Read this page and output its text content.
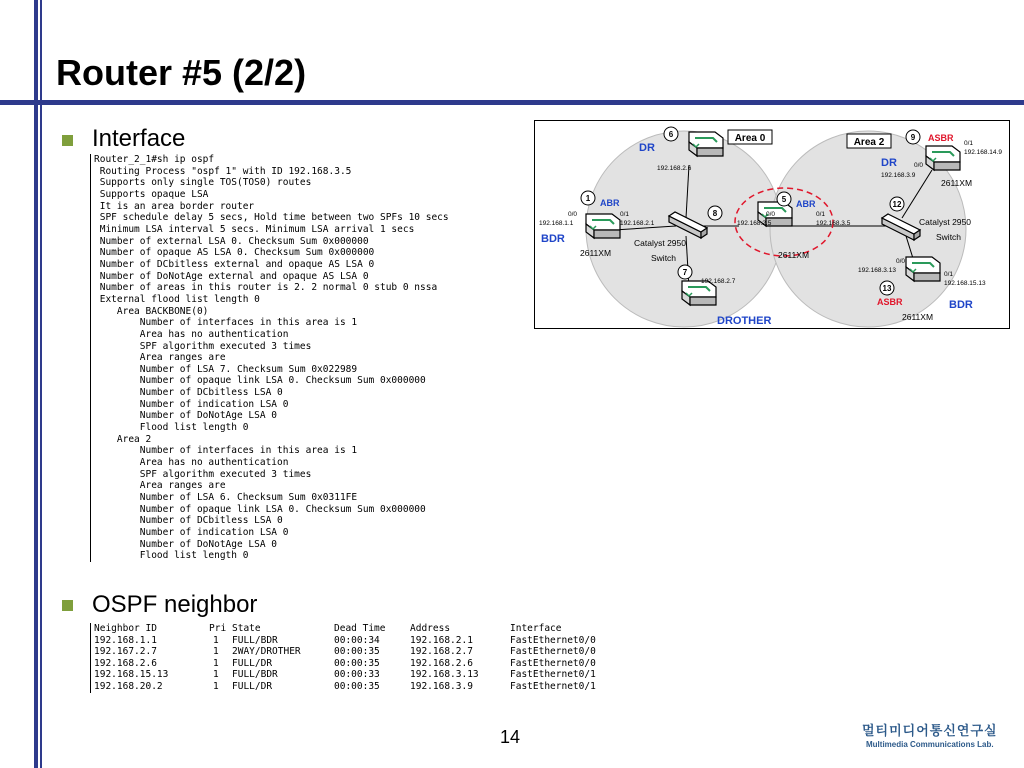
Router #5 (2/2)
Interface
Router_2_1#sh ip ospf
Routing Process "ospf 1" with ID 192.168.3.5
Supports only single TOS(TOS0) routes
Supports opaque LSA
It is an area border router
SPF schedule delay 5 secs, Hold time between two SPFs 10 secs
Minimum LSA interval 5 secs. Minimum LSA arrival 1 secs
Number of external LSA 0. Checksum Sum 0x000000
Number of opaque AS LSA 0. Checksum Sum 0x000000
Number of DCbitless external and opaque AS LSA 0
Number of DoNotAge external and opaque AS LSA 0
Number of areas in this router is 2. 2 normal 0 stub 0 nssa
External flood list length 0
Area BACKBONE(0)
Number of interfaces in this area is 1
Area has no authentication
SPF algorithm executed 3 times
Area ranges are
Number of LSA 7. Checksum Sum 0x022989
Number of opaque link LSA 0. Checksum Sum 0x000000
Number of DCbitless LSA 0
Number of indication LSA 0
Number of DoNotAge LSA 0
Flood list length 0
Area 2
Number of interfaces in this area is 1
Area has no authentication
SPF algorithm executed 3 times
Area ranges are
Number of LSA 6. Checksum Sum 0x0311FE
Number of opaque link LSA 0. Checksum Sum 0x000000
Number of DCbitless LSA 0
Number of indication LSA 0
Number of DoNotAge LSA 0
Flood list length 0

OSPF neighbor
Neighbor ID	Pri State	Dead Time	Address	Interface
192.168.1.1	1 FULL/BDR	00:00:34	192.168.2.1	FastEthernet0/0
192.167.2.7	1 2WAY/DROTHER	00:00:35	192.168.2.7	FastEthernet0/0
192.168.2.6	1 FULL/DR	00:00:35	192.168.2.6	FastEthernet0/0
192.168.15.13	1 FULL/BDR	00:00:33	192.168.3.13	FastEthernet0/1
192.168.20.2	1 FULL/DR	00:00:35	192.168.3.9	FastEthernet0/1
Area 0	Area 2
6
1
8
5
7
9
12
13
DR
DR
BDR
BDR
DROTHER
ABR	ABR
ASBR
ASBR
2611XM	2611XM
2611XM
2611XM
Catalyst 2950
Switch
Catalyst 2950
Switch
192.168.2.6
0/0
192.168.1.1
0/1
192.168.2.1
0/0
192.168.2.5
0/1
192.168.3.5
192.168.2.7
0/0
192.168.3.9
0/1
192.168.14.9
0/0
192.168.3.13
0/1
192.168.15.13
14	멀티미디어통신연구실
Multimedia Communications Lab.
